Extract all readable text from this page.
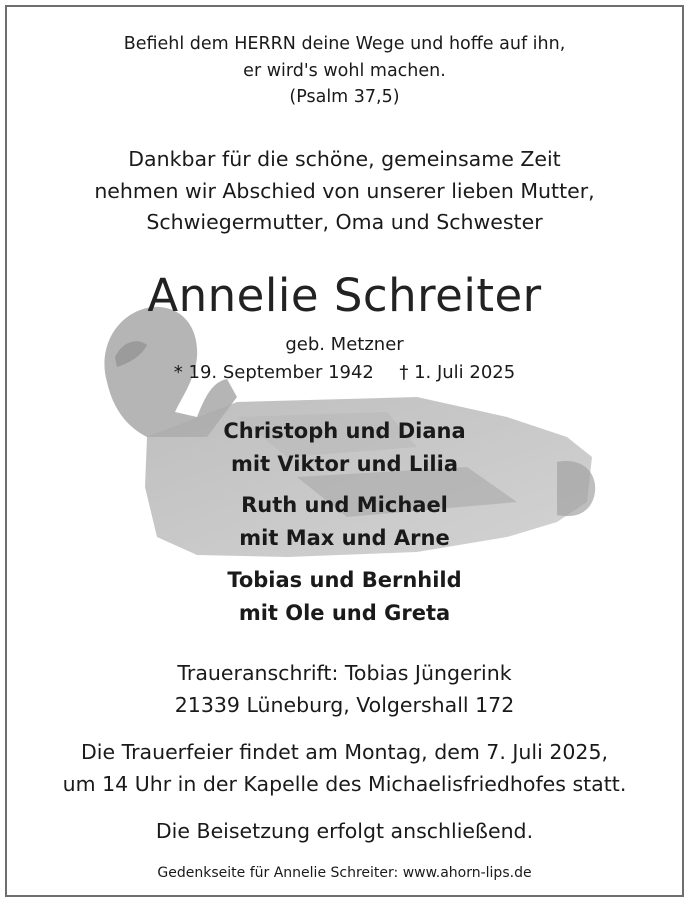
Befiehl dem HERRN deine Wege und hoffe auf ihn,
er wird's wohl machen.
(Psalm 37,5)
Dankbar für die schöne, gemeinsame Zeit
nehmen wir Abschied von unserer lieben Mutter,
Schwiegermutter, Oma und Schwester
Annelie Schreiter
geb. Metzner
* 19. September 1942 † 1. Juli 2025
Christoph und Diana
mit Viktor und Lilia
Ruth und Michael
mit Max und Arne
Tobias und Bernhild
mit Ole und Greta
Traueranschrift: Tobias Jüngerink
21339 Lüneburg, Volgershall 172
Die Trauerfeier findet am Montag, dem 7. Juli 2025,
um 14 Uhr in der Kapelle des Michaelisfriedhofes statt.
Die Beisetzung erfolgt anschließend.
Gedenkseite für Annelie Schreiter: www.ahorn-lips.de
